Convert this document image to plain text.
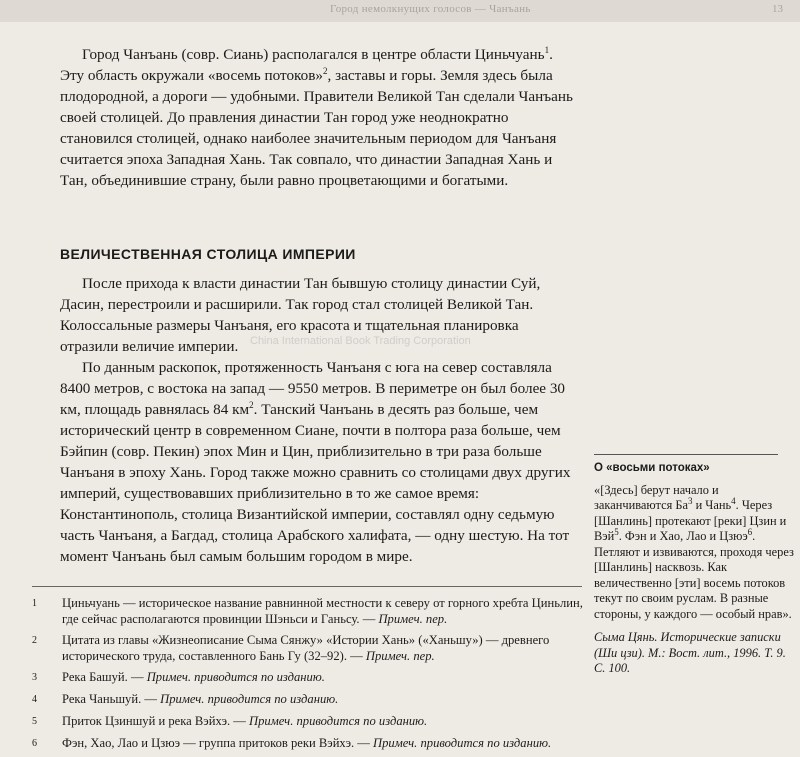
Город немолкнущих голосов — Чанъань	13

Город Чанъань (совр. Сиань) располагался в центре области Циньчуань$^1$. Эту область окружали «восемь потоков»$^2$, заставы и горы. Земля здесь была плодородной, а дороги — удобными. Правители Великой Тан сделали Чанъань своей столицей. До правления династии Тан город уже неоднократно становился столицей, однако наиболее значительным периодом для Чанъаня считается эпоха Западная Хань. Так совпало, что династии Западная Хань и Тан, объединившие страну, были равно процветающими и богатыми.

ВЕЛИЧЕСТВЕННАЯ СТОЛИЦА ИМПЕРИИ

После прихода к власти династии Тан бывшую столицу династии Суй, Дасин, перестроили и расширили. Так город стал столицей Великой Тан. Колоссальные размеры Чанъаня, его красота и тщательная планировка отразили величие империи.

По данным раскопок, протяженность Чанъаня с юга на север составляла 8400 метров, с востока на запад — 9550 метров. В периметре он был более 30 км, площадь равнялась 84 $км^2$. Танский Чанъань в десять раз больше, чем исторический центр в современном Сиане, почти в полтора раза больше, чем Бэйпин (совр. Пекин) эпох Мин и Цин, приблизительно в три раза больше Чанъаня в эпоху Хань. Город также можно сравнить со столицами двух других империй, существовавших приблизительно в то же самое время: Константинополь, столица Византийской империи, составлял одну седьмую часть Чанъаня, а Багдад, столица Арабского халифата, — одну шестую. На тот момент Чанъань был самым большим городом в мире.

China International Book Trading Corporation
1	Циньчуань — историческое название равнинной местности к северу от горного хребта Циньлин, где сейчас располагаются провинции Шэньси и Ганьсу. — Примеч. пер.
2	Цитата из главы «Жизнеописание Сыма Сянжу» «Истории Хань» («Ханьшу») — древнего исторического труда, составленного Бань Гу (32–92). — Примеч. пер.
3	Река Башуй. — Примеч. приводится по изданию.
4	Река Чаньшуй. — Примеч. приводится по изданию.
5	Приток Цзиншуй и река Вэйхэ. — Примеч. приводится по изданию.
6	Фэн, Хао, Лао и Цзюэ — группа притоков реки Вэйхэ. — Примеч. приводится по изданию.
О «восьми потоках»

«[Здесь] берут начало и заканчиваются $Ба^3$ и Чань$^4$. Через [Шанлинь] протекают [реки] Цзин и Вэй$^5$. Фэн и Хао, Лао и Цзюэ$^6$. Петляют и извиваются, проходя через [Шанлинь] насквозь. Как величественно [эти] восемь потоков текут по своим руслам. В разные стороны, у каждого — особый нрав».

Сыма Цянь. Исторические записки (Ши цзи). М.: Вост. лит., 1996. Т. 9. С. 100.
